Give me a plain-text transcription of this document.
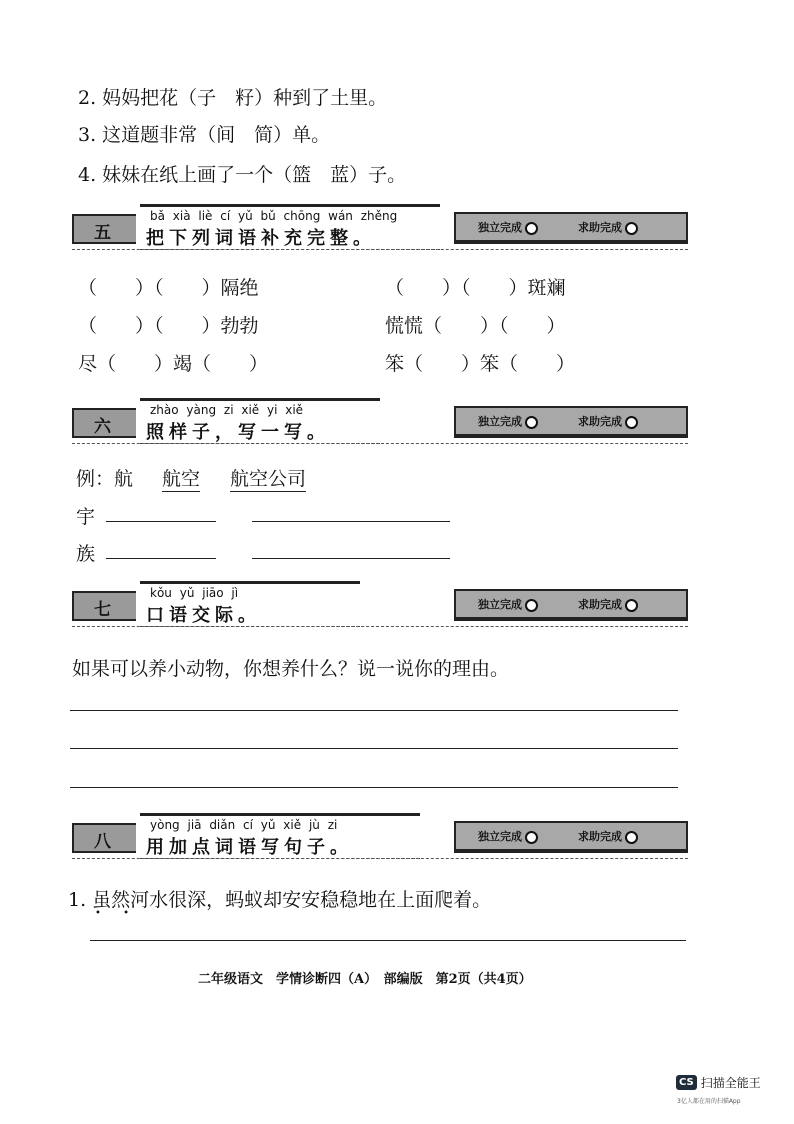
2. 妈妈把花（子　籽）种到了土里。
3. 这道题非常（间　简）单。
4. 妹妹在纸上画了一个（篮　蓝）子。
五
bǎ xià liè cí yǔ bǔ chōng wán zhěng
把下列词语补充完整。
独立完成	求助完成
（　　）（　　）隔绝	（　　）（　　）斑斓
（　　）（　　）勃勃	慌慌（　　）（　　）
尽（　　）竭（　　）	笨（　　）笨（　　）
六
zhào yàng zi xiě yi xiě
照样子，写一写。
独立完成	求助完成
例：航 航空 航空公司
宇
族
七
kǒu yǔ jiāo jì
口语交际。
独立完成	求助完成
如果可以养小动物，你想养什么？说一说你的理由。
八
yòng jiā diǎn cí yǔ xiě jù zi
用加点词语写句子。
独立完成	求助完成
1. 虽然河水很深，蚂蚁却安安稳稳地在上面爬着。
•       •
二年级语文　学情诊断四（A）　部编版　第2页（共4页）
CS 扫描全能王
3亿人都在用的扫描App
